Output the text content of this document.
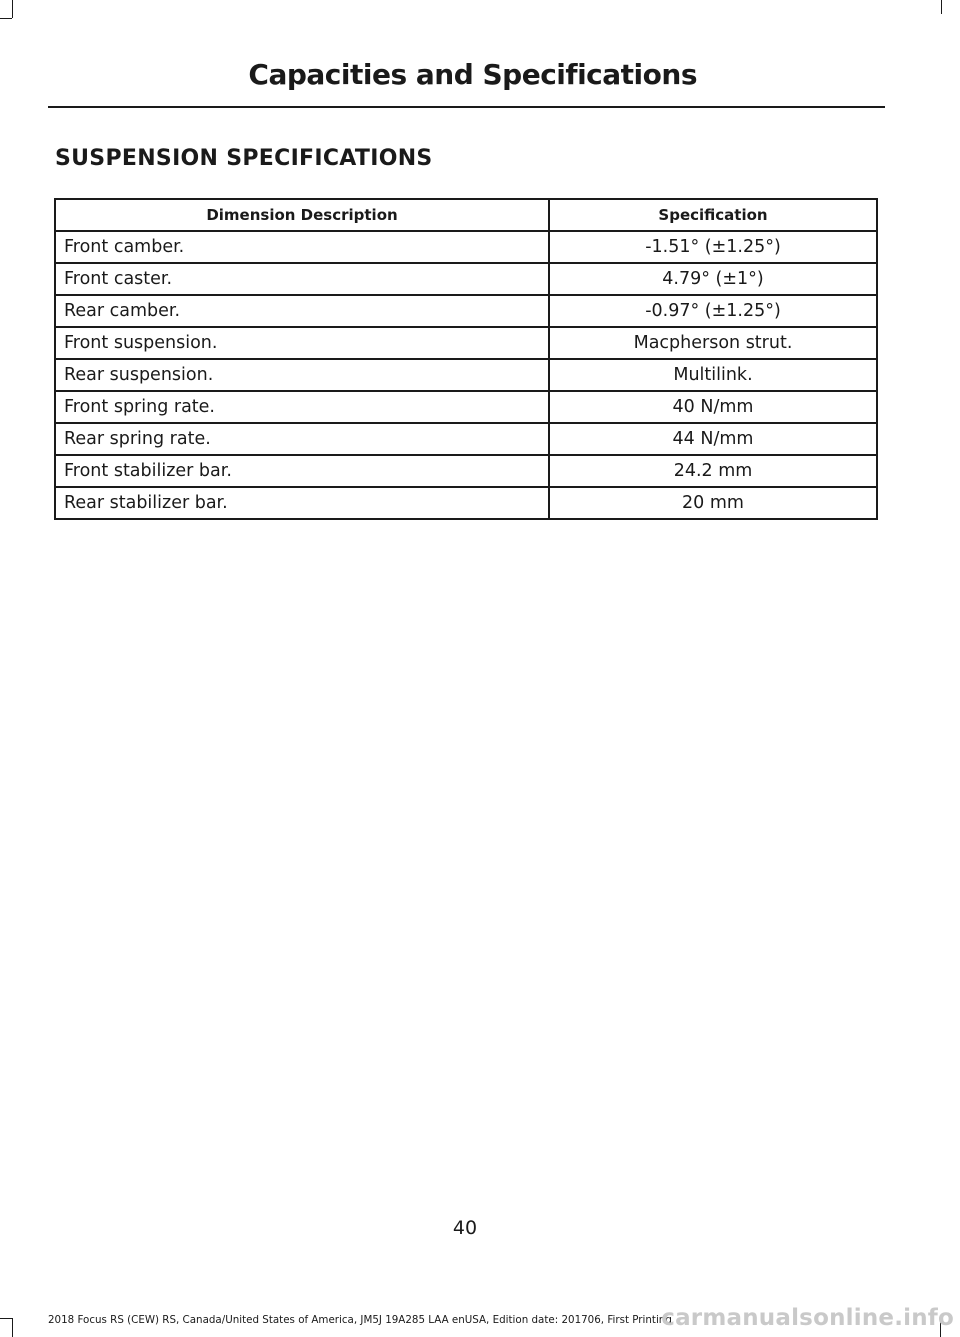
Capacities and Specifications
SUSPENSION SPECIFICATIONS
Dimension Description	Specification
Front camber.	-1.51° (±1.25°)
Front caster.	4.79° (±1°)
Rear camber.	-0.97° (±1.25°)
Front suspension.	Macpherson strut.
Rear suspension.	Multilink.
Front spring rate.	40 N/mm
Rear spring rate.	44 N/mm
Front stabilizer bar.	24.2 mm
Rear stabilizer bar.	20 mm
40
2018 Focus RS (CEW) RS, Canada/United States of America, JM5J 19A285 LAA enUSA, Edition date: 201706, First Printing
carmanualsonline.info
